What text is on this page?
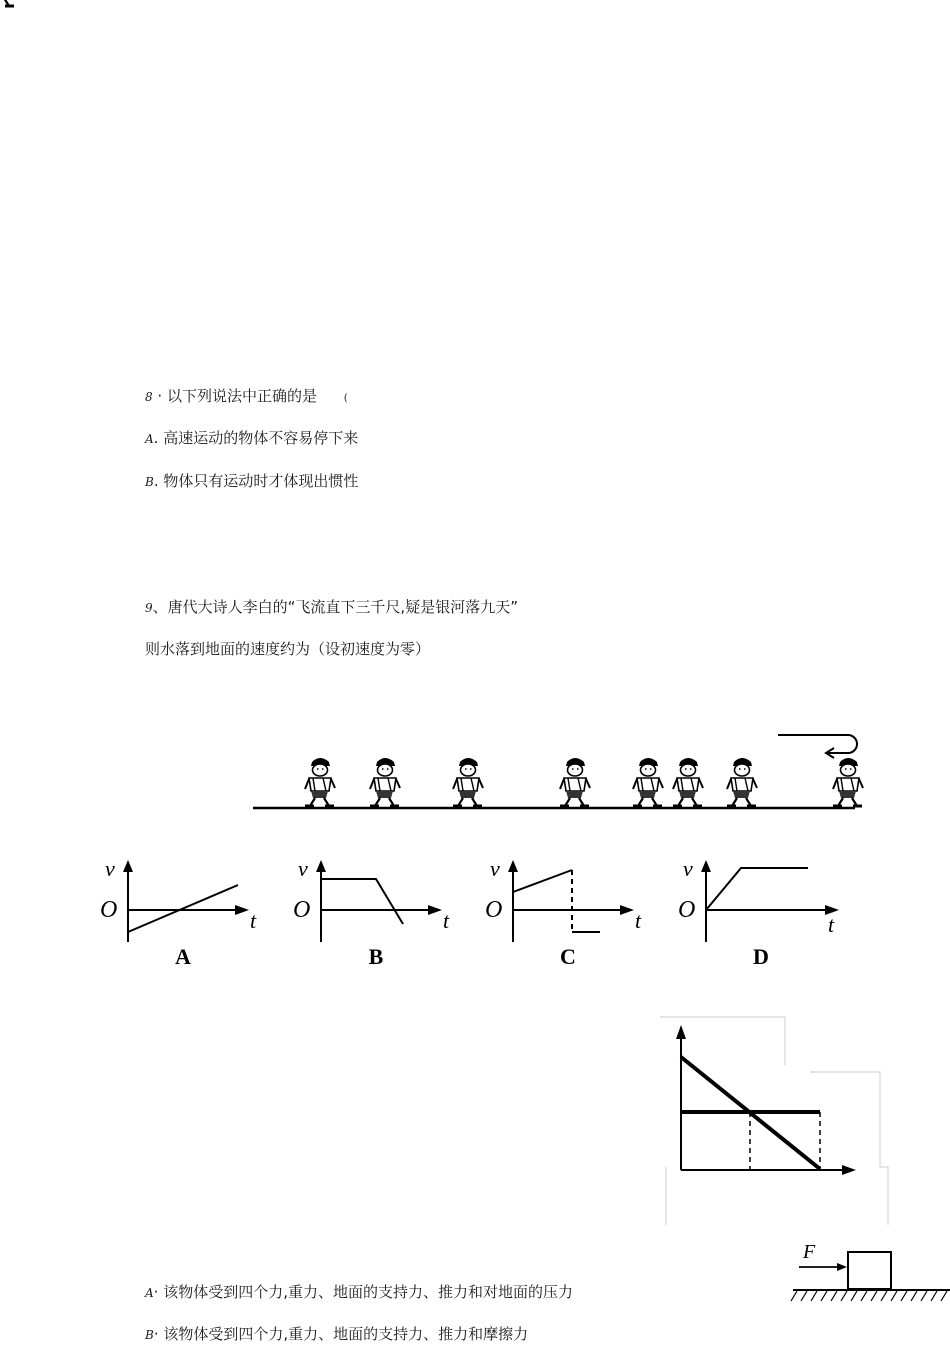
8 · 以下列说法中正确的是	(
A. 高速运动的物体不容易停下来
B. 物体只有运动时才体现出惯性
9、唐代大诗人李白的“飞流直下三千尺,疑是银河落九天”
则水落到地面的速度约为（设初速度为零）
v
O	t
A
v
O	t
B
v
O	t
C
v
O
t
D
F
A· 该物体受到四个力,重力、地面的支持力、推力和对地面的压力
B· 该物体受到四个力,重力、地面的支持力、推力和摩擦力
